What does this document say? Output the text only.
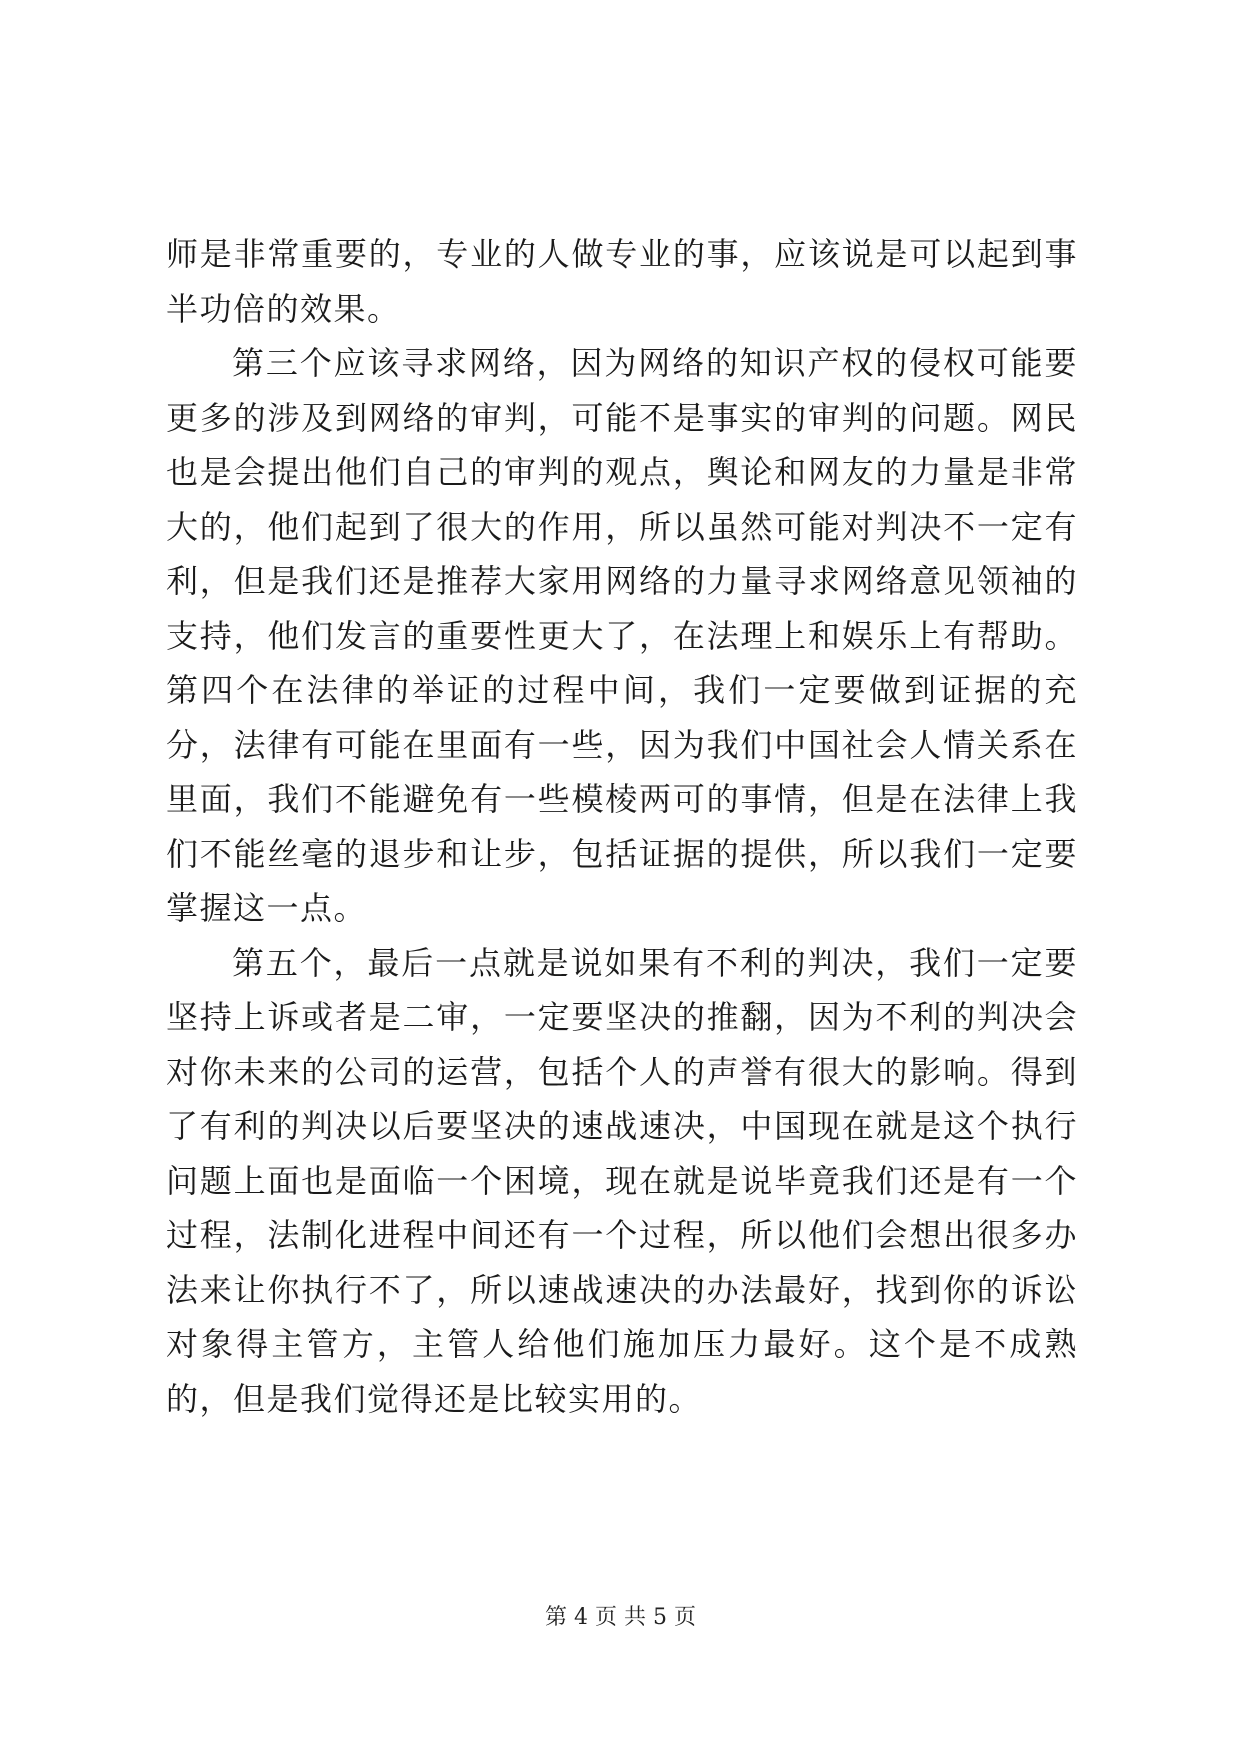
师是非常重要的，专业的人做专业的事，应该说是可以起到事半功倍的效果。

第三个应该寻求网络，因为网络的知识产权的侵权可能要更多的涉及到网络的审判，可能不是事实的审判的问题。网民也是会提出他们自己的审判的观点，舆论和网友的力量是非常大的，他们起到了很大的作用，所以虽然可能对判决不一定有利，但是我们还是推荐大家用网络的力量寻求网络意见领袖的支持，他们发言的重要性更大了，在法理上和娱乐上有帮助。第四个在法律的举证的过程中间，我们一定要做到证据的充分，法律有可能在里面有一些，因为我们中国社会人情关系在里面，我们不能避免有一些模棱两可的事情，但是在法律上我们不能丝毫的退步和让步，包括证据的提供，所以我们一定要掌握这一点。

第五个，最后一点就是说如果有不利的判决，我们一定要坚持上诉或者是二审，一定要坚决的推翻，因为不利的判决会对你未来的公司的运营，包括个人的声誉有很大的影响。得到了有利的判决以后要坚决的速战速决，中国现在就是这个执行问题上面也是面临一个困境，现在就是说毕竟我们还是有一个过程，法制化进程中间还有一个过程，所以他们会想出很多办法来让你执行不了，所以速战速决的办法最好，找到你的诉讼对象得主管方，主管人给他们施加压力最好。这个是不成熟的，但是我们觉得还是比较实用的。

第 4 页 共 5 页
